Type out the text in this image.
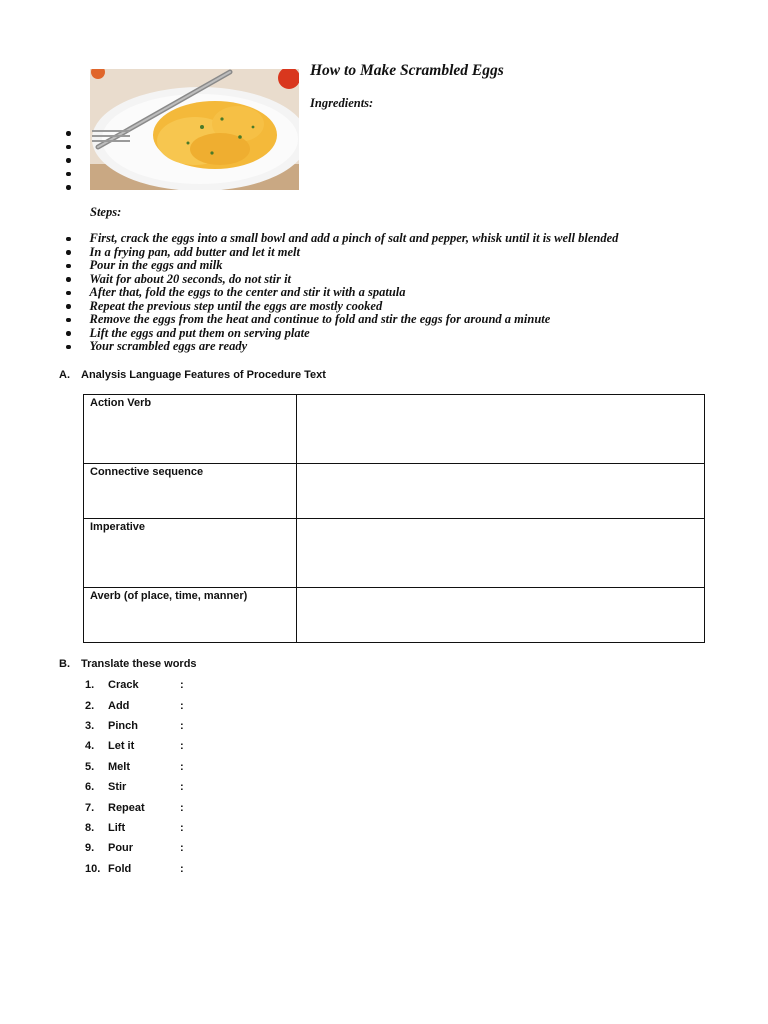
How to Make Scrambled Eggs
Ingredients:
Steps:
First, crack the eggs into a small bowl and add a pinch of salt and pepper, whisk until it is well blended
In a frying pan, add butter and let it melt
Pour in the eggs and milk
Wait for about 20 seconds, do not stir it
After that, fold the eggs to the center and stir it with a spatula
Repeat the previous step until the eggs are mostly cooked
Remove the eggs from the heat and continue to fold and stir the eggs for around a minute
Lift the eggs and put them on serving plate
Your scrambled eggs are ready
A. Analysis Language Features of Procedure Text
Action Verb	
Connective sequence	
Imperative	
Averb (of place, time, manner)	
B. Translate these words
1.	Crack	:
2.	Add	:
3.	Pinch	:
4.	Let it	:
5.	Melt	:
6.	Stir	:
7.	Repeat	:
8.	Lift	:
9.	Pour	:
10. Fold	:
